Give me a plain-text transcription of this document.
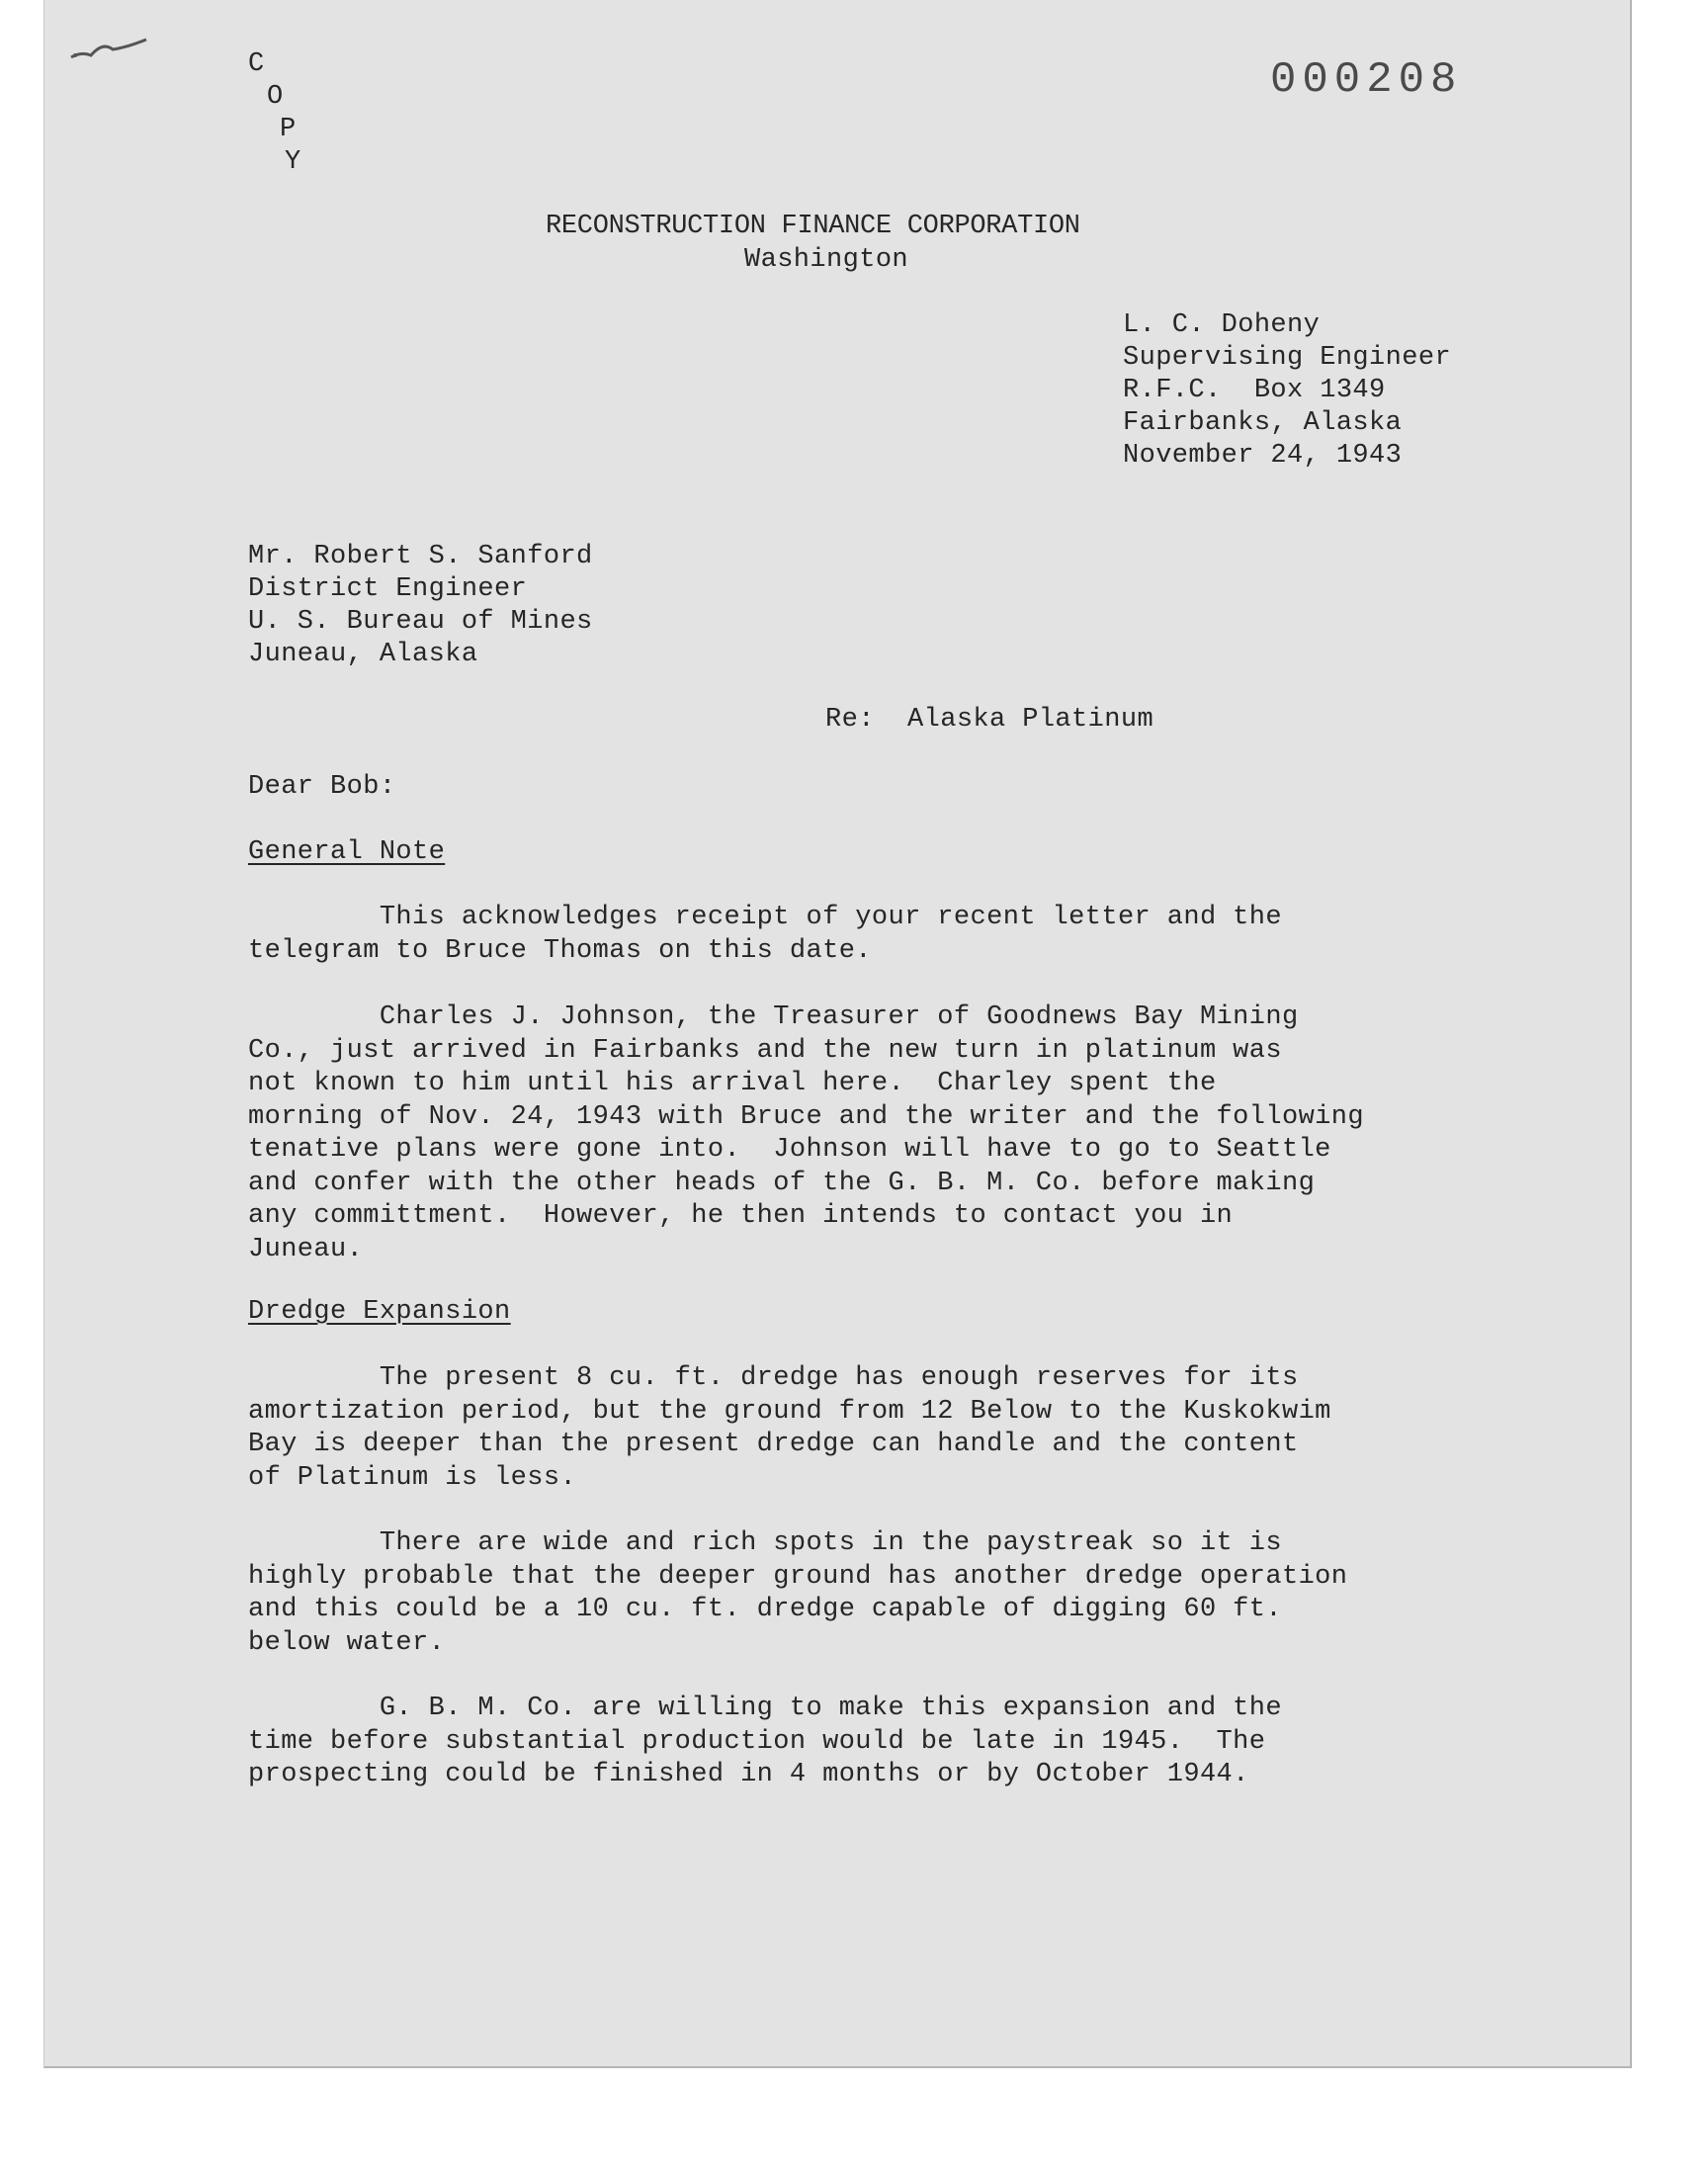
C
O
P
Y
000208
RECONSTRUCTION FINANCE CORPORATION
Washington
L. C. Doheny
Supervising Engineer
R.F.C.  Box 1349
Fairbanks, Alaska
November 24, 1943
Mr. Robert S. Sanford
District Engineer
U. S. Bureau of Mines
Juneau, Alaska
Re:  Alaska Platinum
Dear Bob:
General Note
This acknowledges receipt of your recent letter and the
telegram to Bruce Thomas on this date.
Charles J. Johnson, the Treasurer of Goodnews Bay Mining
Co., just arrived in Fairbanks and the new turn in platinum was
not known to him until his arrival here.  Charley spent the
morning of Nov. 24, 1943 with Bruce and the writer and the following
tenative plans were gone into.  Johnson will have to go to Seattle
and confer with the other heads of the G. B. M. Co. before making
any committment.  However, he then intends to contact you in
Juneau.
Dredge Expansion
The present 8 cu. ft. dredge has enough reserves for its
amortization period, but the ground from 12 Below to the Kuskokwim
Bay is deeper than the present dredge can handle and the content
of Platinum is less.
There are wide and rich spots in the paystreak so it is
highly probable that the deeper ground has another dredge operation
and this could be a 10 cu. ft. dredge capable of digging 60 ft.
below water.
G. B. M. Co. are willing to make this expansion and the
time before substantial production would be late in 1945.  The
prospecting could be finished in 4 months or by October 1944.
